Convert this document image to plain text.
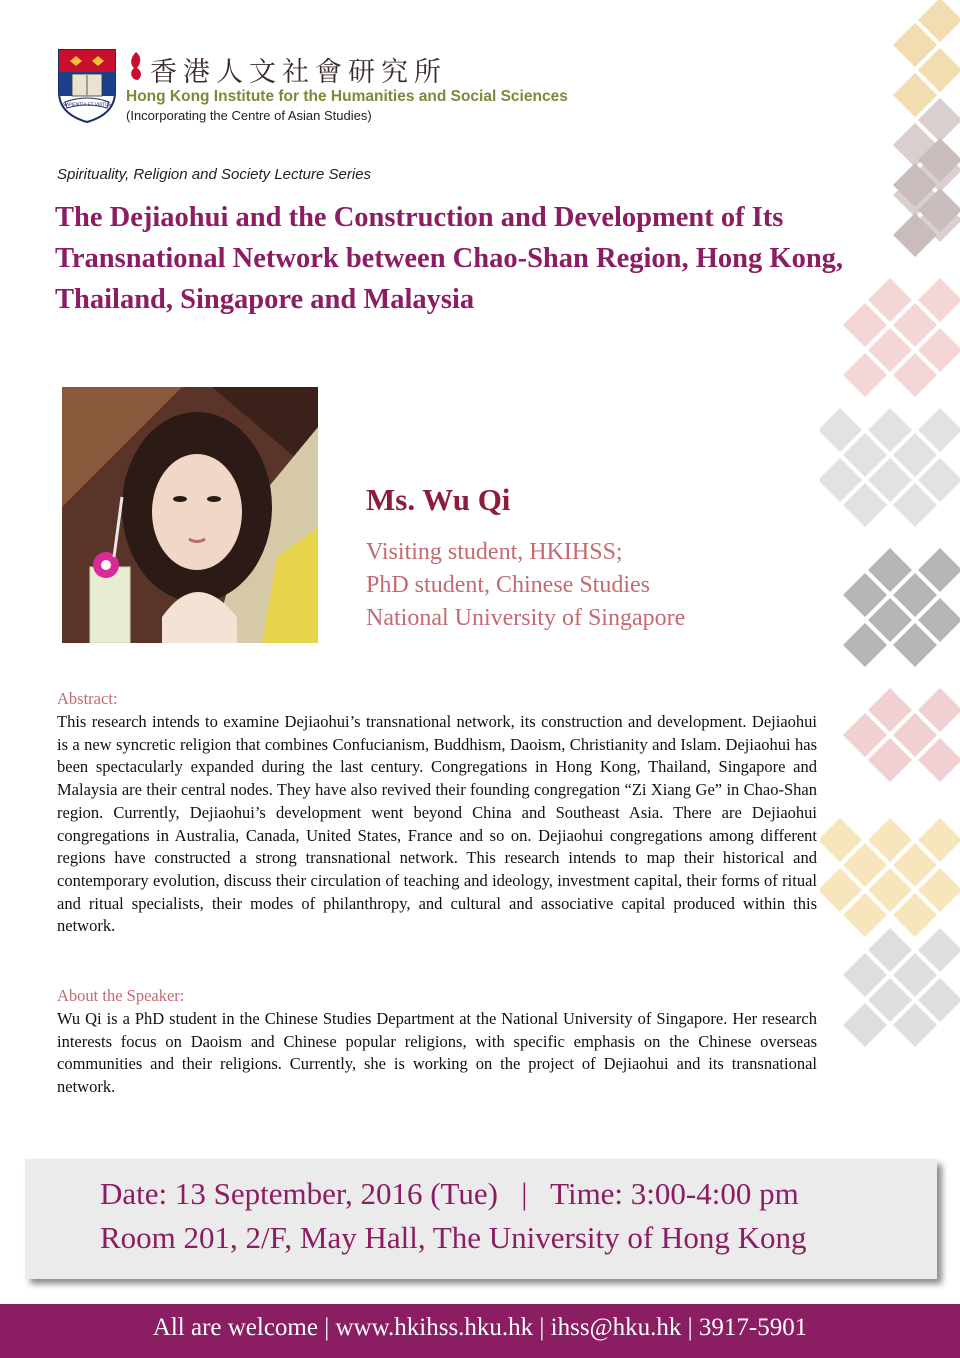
SAPIENTIA ET VIRTUS
香港人文社會研究所
Hong Kong Institute for the Humanities and Social Sciences
(Incorporating the Centre of Asian Studies)
Spirituality, Religion and Society Lecture Series
The Dejiaohui and the Construction and Development of Its Transnational Network between Chao-Shan Region, Hong Kong, Thailand, Singapore and Malaysia
Ms. Wu Qi
Visiting student, HKIHSS;
PhD student, Chinese Studies
National University of Singapore
Abstract:
This research intends to examine Dejiaohui’s transnational network, its construction and development. Dejiaohui is a new syncretic religion that combines Confucianism, Buddhism, Daoism, Christianity and Islam. Dejiaohui has been spectacularly expanded during the last century. Congregations in Hong Kong, Thailand, Singapore and Malaysia are their central nodes. They have also revived their founding congregation “Zi Xiang Ge” in Chao-Shan region. Currently, Dejiaohui’s development went beyond China and Southeast Asia. There are Dejiaohui congregations in Australia, Canada, United States, France and so on. Dejiaohui congregations among different regions have constructed a strong transnational network. This research intends to map their historical and contemporary evolution, discuss their circulation of teaching and ideology, investment capital, their forms of ritual and ritual specialists, their modes of philanthropy, and cultural and associative capital produced within this network.
About the Speaker:
Wu Qi is a PhD student in the Chinese Studies Department at the National University of Singapore. Her research interests focus on Daoism and Chinese popular religions, with specific emphasis on the Chinese overseas communities and their religions. Currently, she is working on the project of Dejiaohui and its transnational network.
Date: 13 September, 2016 (Tue)   |   Time: 3:00-4:00 pm
Room 201, 2/F, May Hall, The University of Hong Kong
All are welcome | www.hkihss.hku.hk | ihss@hku.hk | 3917-5901
